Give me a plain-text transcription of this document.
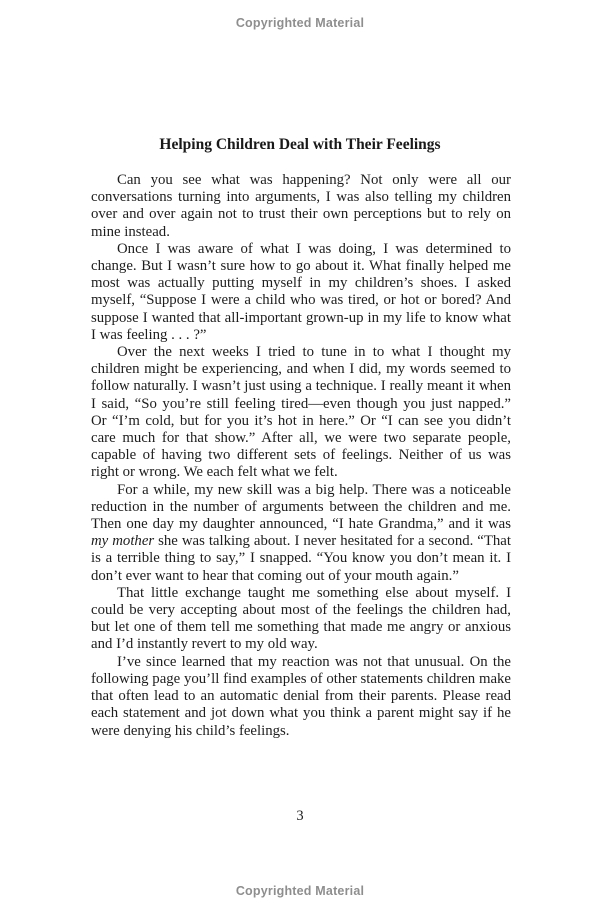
Copyrighted Material
Helping Children Deal with Their Feelings

Can you see what was happening? Not only were all our conversations turning into arguments, I was also telling my children over and over again not to trust their own perceptions but to rely on mine instead.

Once I was aware of what I was doing, I was determined to change. But I wasn’t sure how to go about it. What finally helped me most was actually putting myself in my children’s shoes. I asked myself, “Suppose I were a child who was tired, or hot or bored? And suppose I wanted that all-important grown-up in my life to know what I was feeling . . . ?”

Over the next weeks I tried to tune in to what I thought my children might be experiencing, and when I did, my words seemed to follow naturally. I wasn’t just using a technique. I really meant it when I said, “So you’re still feeling tired—even though you just napped.” Or “I’m cold, but for you it’s hot in here.” Or “I can see you didn’t care much for that show.” After all, we were two separate people, capable of having two different sets of feelings. Neither of us was right or wrong. We each felt what we felt.

For a while, my new skill was a big help. There was a noticeable reduction in the number of arguments between the children and me. Then one day my daughter announced, “I hate Grandma,” and it was my mother she was talking about. I never hesitated for a second. “That is a terrible thing to say,” I snapped. “You know you don’t mean it. I don’t ever want to hear that coming out of your mouth again.”

That little exchange taught me something else about myself. I could be very accepting about most of the feelings the children had, but let one of them tell me something that made me angry or anxious and I’d instantly revert to my old way.

I’ve since learned that my reaction was not that unusual. On the following page you’ll find examples of other statements children make that often lead to an automatic denial from their parents. Please read each statement and jot down what you think a parent might say if he were denying his child’s feelings.

3
Copyrighted Material
